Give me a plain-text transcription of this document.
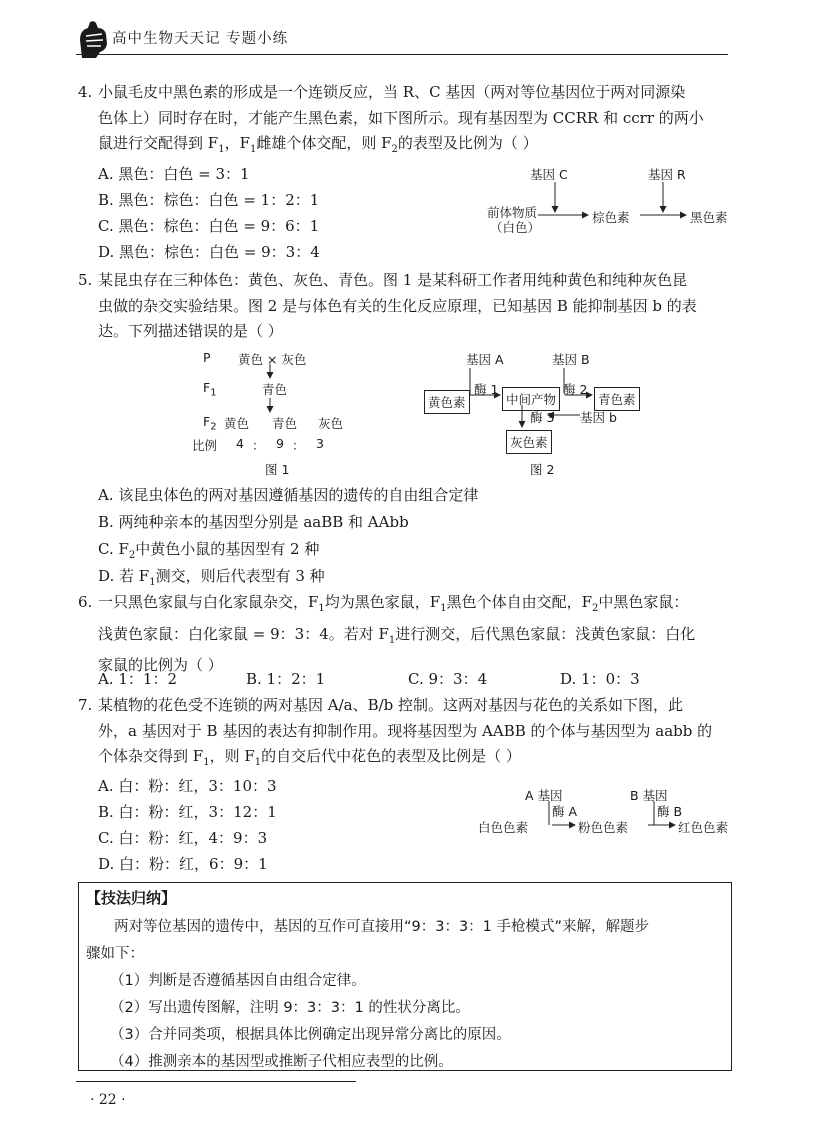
高中生物天天记 专题小练
4. 小鼠毛皮中黑色素的形成是一个连锁反应，当 R、C 基因（两对等位基因位于两对同源染
色体上）同时存在时，才能产生黑色素，如下图所示。现有基因型为 CCRR 和 ccrr 的两小
鼠进行交配得到 $F_1$，$F_1$雌雄个体交配，则 $F_2$的表型及比例为（ ）
A. 黑色：白色 = 3：1
B. 黑色：棕色：白色 = 1：2：1
C. 黑色：棕色：白色 = 9：6：1
D. 黑色：棕色：白色 = 9：3：4
基因 C	基因 R
前体物质
（白色）
棕色素	黑色素
5. 某昆虫存在三种体色：黄色、灰色、青色。图 1 是某科研工作者用纯种黄色和纯种灰色昆
虫做的杂交实验结果。图 2 是与体色有关的生化反应原理，已知基因 B 能抑制基因 b 的表
达。下列描述错误的是（ ）
P 黄色 × 灰色
$F_1$	青色
$F_2$ 黄色 青色 灰色
比例 4 ： 9 ： 3
图 1
基因 A	基因 B
酶 1	酶 2
酶 3 基因 b
黄色素	中间产物	青色素
灰色素
图 2
A. 该昆虫体色的两对基因遵循基因的遗传的自由组合定律
B. 两纯种亲本的基因型分别是 aaBB 和 AAbb
C. $F_2$中黄色小鼠的基因型有 2 种
D. 若 $F_1$测交，则后代表型有 3 种
6. 一只黑色家鼠与白化家鼠杂交，$F_1$均为黑色家鼠，$F_1$黑色个体自由交配，$F_2$中黑色家鼠：
浅黄色家鼠：白化家鼠 = 9：3：4。若对 $F_1$进行测交，后代黑色家鼠：浅黄色家鼠：白化
家鼠的比例为（ ）
A. 1：1：2	B. 1：2：1	C. 9：3：4	D. 1：0：3
7. 某植物的花色受不连锁的两对基因 A/a、B/b 控制。这两对基因与花色的关系如下图，此
外，a 基因对于 B 基因的表达有抑制作用。现将基因型为 AABB 的个体与基因型为 aabb 的
个体杂交得到 $F_1$，则 $F_1$的自交后代中花色的表型及比例是（ ）
A. 白：粉：红，3：10：3
B. 白：粉：红，3：12：1
C. 白：粉：红，4：9：3
D. 白：粉：红，6：9：1
A 基因	B 基因
酶 A	酶 B
白色色素	粉色色素	红色色素
【技法归纳】
两对等位基因的遗传中，基因的互作可直接用“9：3：3：1 手枪模式”来解，解题步
骤如下：
（1）判断是否遵循基因自由组合定律。
（2）写出遗传图解，注明 9：3：3：1 的性状分离比。
（3）合并同类项，根据具体比例确定出现异常分离比的原因。
（4）推测亲本的基因型或推断子代相应表型的比例。
· 22 ·
